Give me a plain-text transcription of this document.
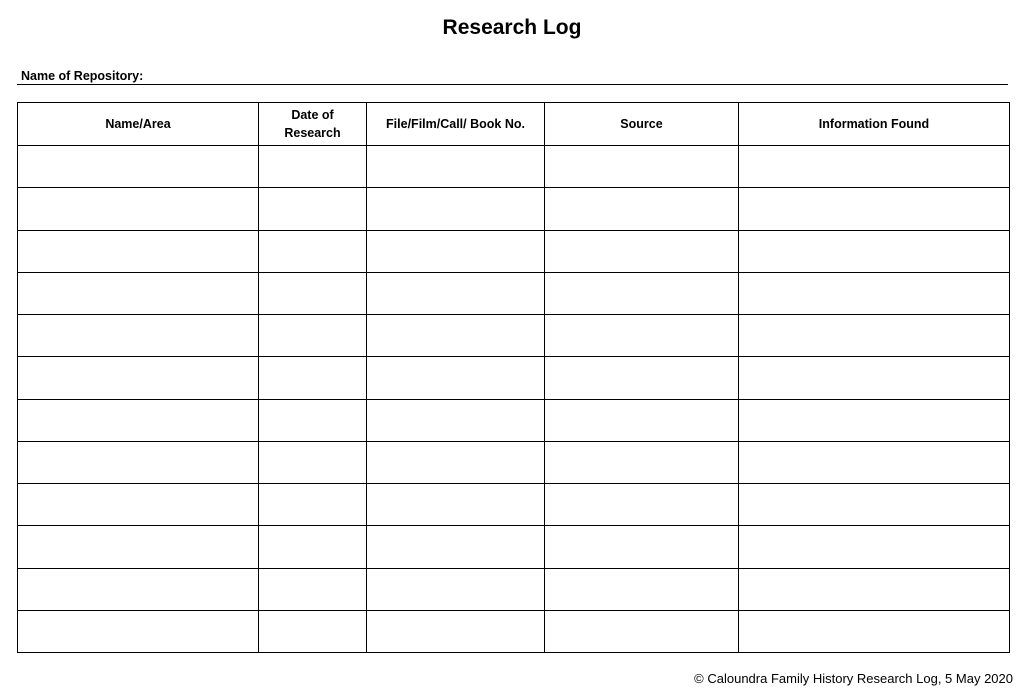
Research Log
Name of Repository:
Name/Area	Date of Research	File/Film/Call/ Book No.	Source	Information Found

© Caloundra Family History Research Log, 5 May 2020
